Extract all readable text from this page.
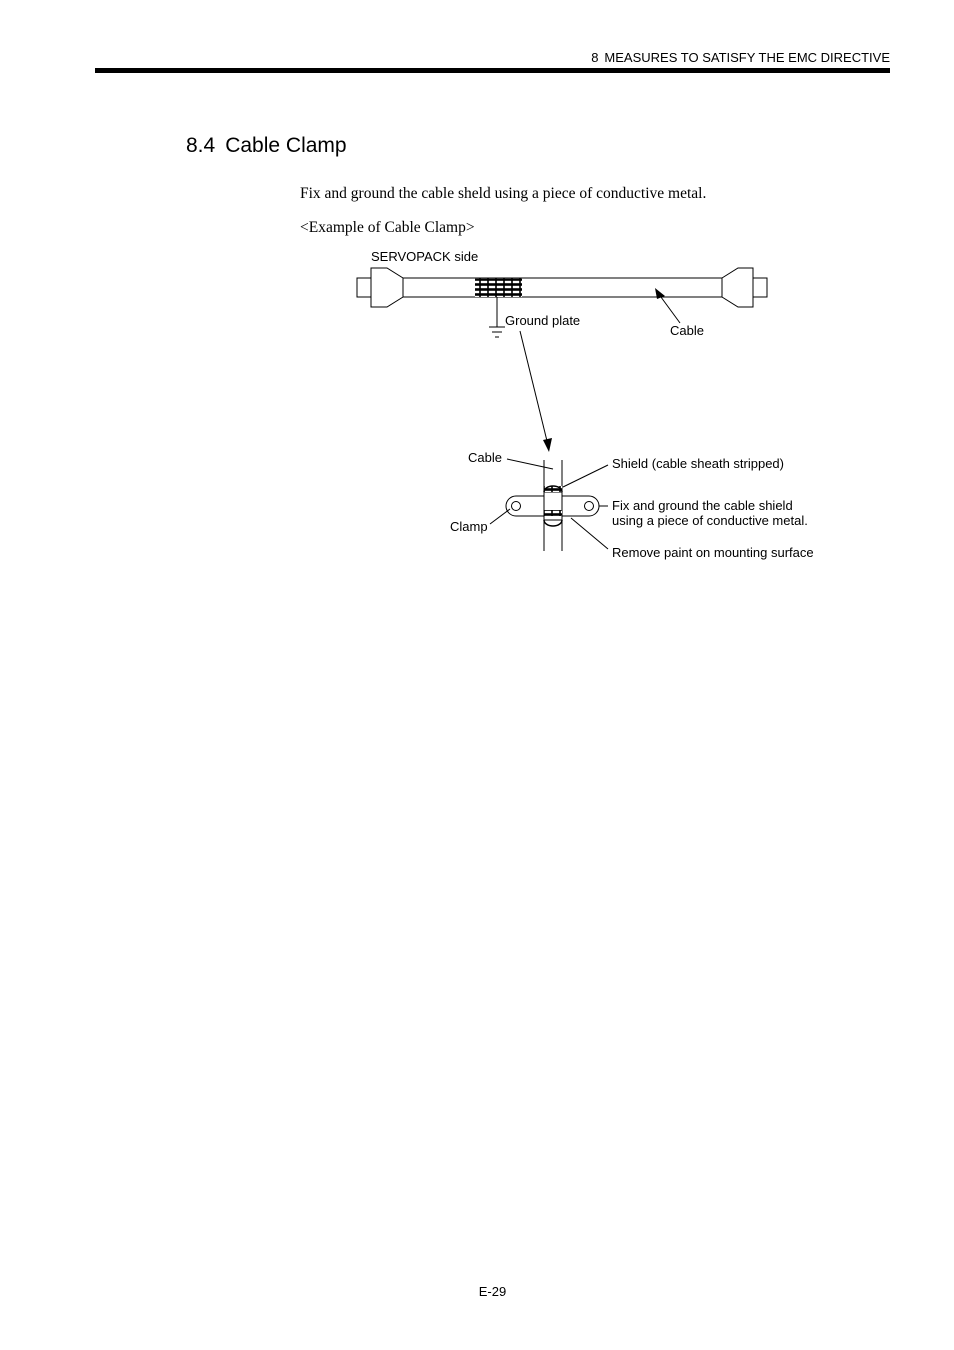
8 MEASURES TO SATISFY THE EMC DIRECTIVE
8.4 Cable Clamp
Fix and ground the cable sheld using a piece of conductive metal.
<Example of Cable Clamp>
SERVOPACK side
Ground plate
Cable
Cable	Shield (cable sheath stripped)
Fix and ground the cable shield
using a piece of conductive metal.
Clamp
Remove paint on mounting surface
E-29
